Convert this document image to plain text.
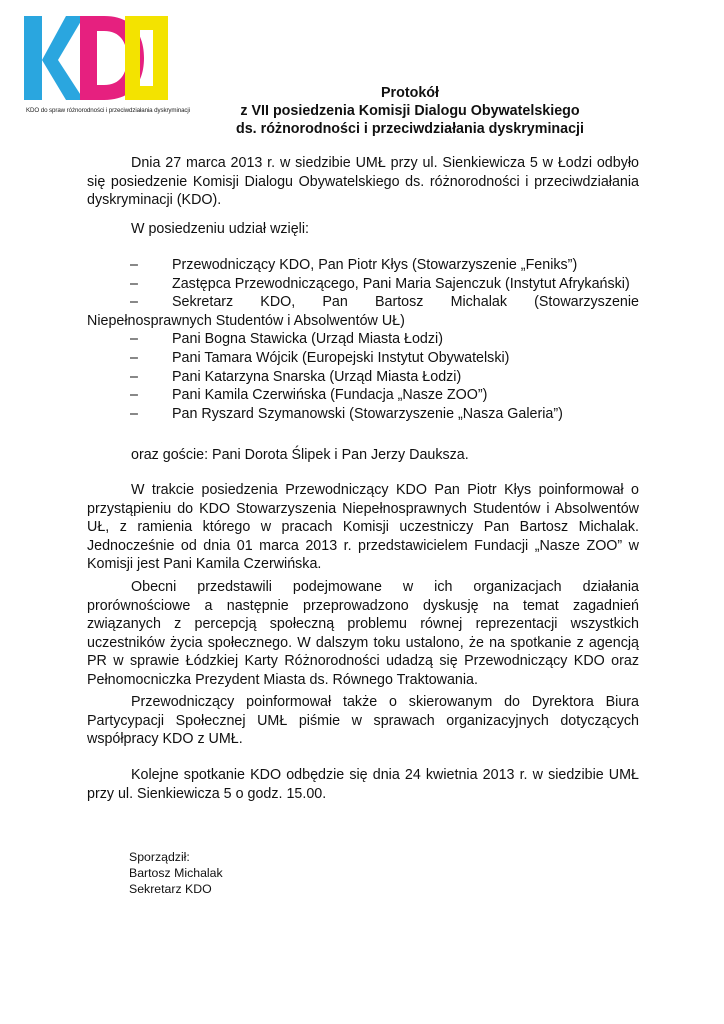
KDO do spraw różnorodności i przeciwdziałania dyskryminacji
Protokół
z VII posiedzenia Komisji Dialogu Obywatelskiego
ds. różnorodności i przeciwdziałania dyskryminacji
Dnia 27 marca 2013 r. w siedzibie UMŁ przy ul. Sienkiewicza 5 w Łodzi odbyło się posiedzenie Komisji Dialogu Obywatelskiego ds. różnorodności i przeciwdziałania dyskryminacji (KDO).
W posiedzeniu udział wzięli:
–	Przewodniczący KDO, Pan Piotr Kłys (Stowarzyszenie „Feniks”)
– Zastępca Przewodniczącego, Pani Maria Sajenczuk (Instytut Afrykański)
– Sekretarz KDO, Pan Bartosz Michalak (Stowarzyszenie Niepełnosprawnych Studentów i Absolwentów UŁ)
–	Pani Bogna Stawicka (Urząd Miasta Łodzi)
–	Pani Tamara Wójcik (Europejski Instytut Obywatelski)
–	Pani Katarzyna Snarska (Urząd Miasta Łodzi)
–	Pani Kamila Czerwińska (Fundacja „Nasze ZOO”)
–	Pan Ryszard Szymanowski (Stowarzyszenie „Nasza Galeria”)
oraz goście: Pani Dorota Ślipek i Pan Jerzy Dauksza.
W trakcie posiedzenia Przewodniczący KDO Pan Piotr Kłys poinformował o przystąpieniu do KDO Stowarzyszenia Niepełnosprawnych Studentów i Absolwentów UŁ, z ramienia którego w pracach Komisji uczestniczy Pan Bartosz Michalak. Jednocześnie od dnia 01 marca 2013 r. przedstawicielem Fundacji „Nasze ZOO” w Komisji jest Pani Kamila Czerwińska.
Obecni przedstawili podejmowane w ich organizacjach działania prorównościowe a następnie przeprowadzono dyskusję na temat zagadnień związanych z percepcją społeczną problemu równej reprezentacji wszystkich uczestników życia społecznego. W dalszym toku ustalono, że na spotkanie z agencją PR w sprawie Łódzkiej Karty Różnorodności udadzą się Przewodniczący KDO oraz Pełnomocniczka Prezydent Miasta ds. Równego Traktowania.
Przewodniczący poinformował także o skierowanym do Dyrektora Biura Partycypacji Społecznej UMŁ piśmie w sprawach organizacyjnych dotyczących współpracy KDO z UMŁ.
Kolejne spotkanie KDO odbędzie się dnia 24 kwietnia 2013 r. w siedzibie UMŁ przy ul. Sienkiewicza 5 o godz. 15.00.
Sporządził:
Bartosz Michalak
Sekretarz KDO
